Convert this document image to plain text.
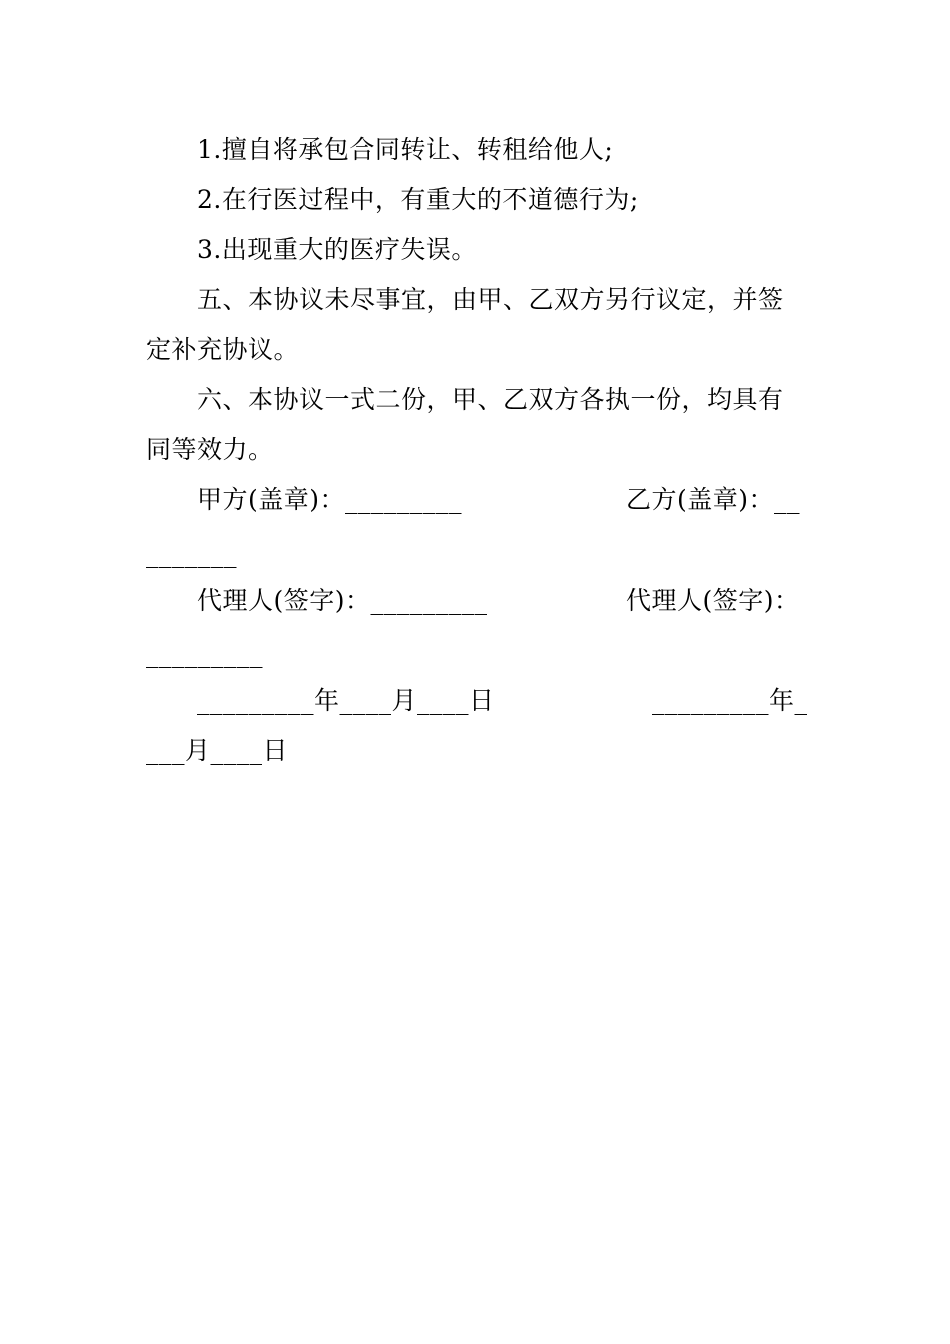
1.擅自将承包合同转让、转租给他人;
2.在行医过程中，有重大的不道德行为;
3.出现重大的医疗失误。
五、本协议未尽事宜，由甲、乙双方另行议定，并签
定补充协议。
六、本协议一式二份，甲、乙双方各执一份，均具有
同等效力。
甲方(盖章)：_________	乙方(盖章)：__
_______
代理人(签字)：_________	代理人(签字)：
_________
_________年____月____日	_________年_
___月____日
